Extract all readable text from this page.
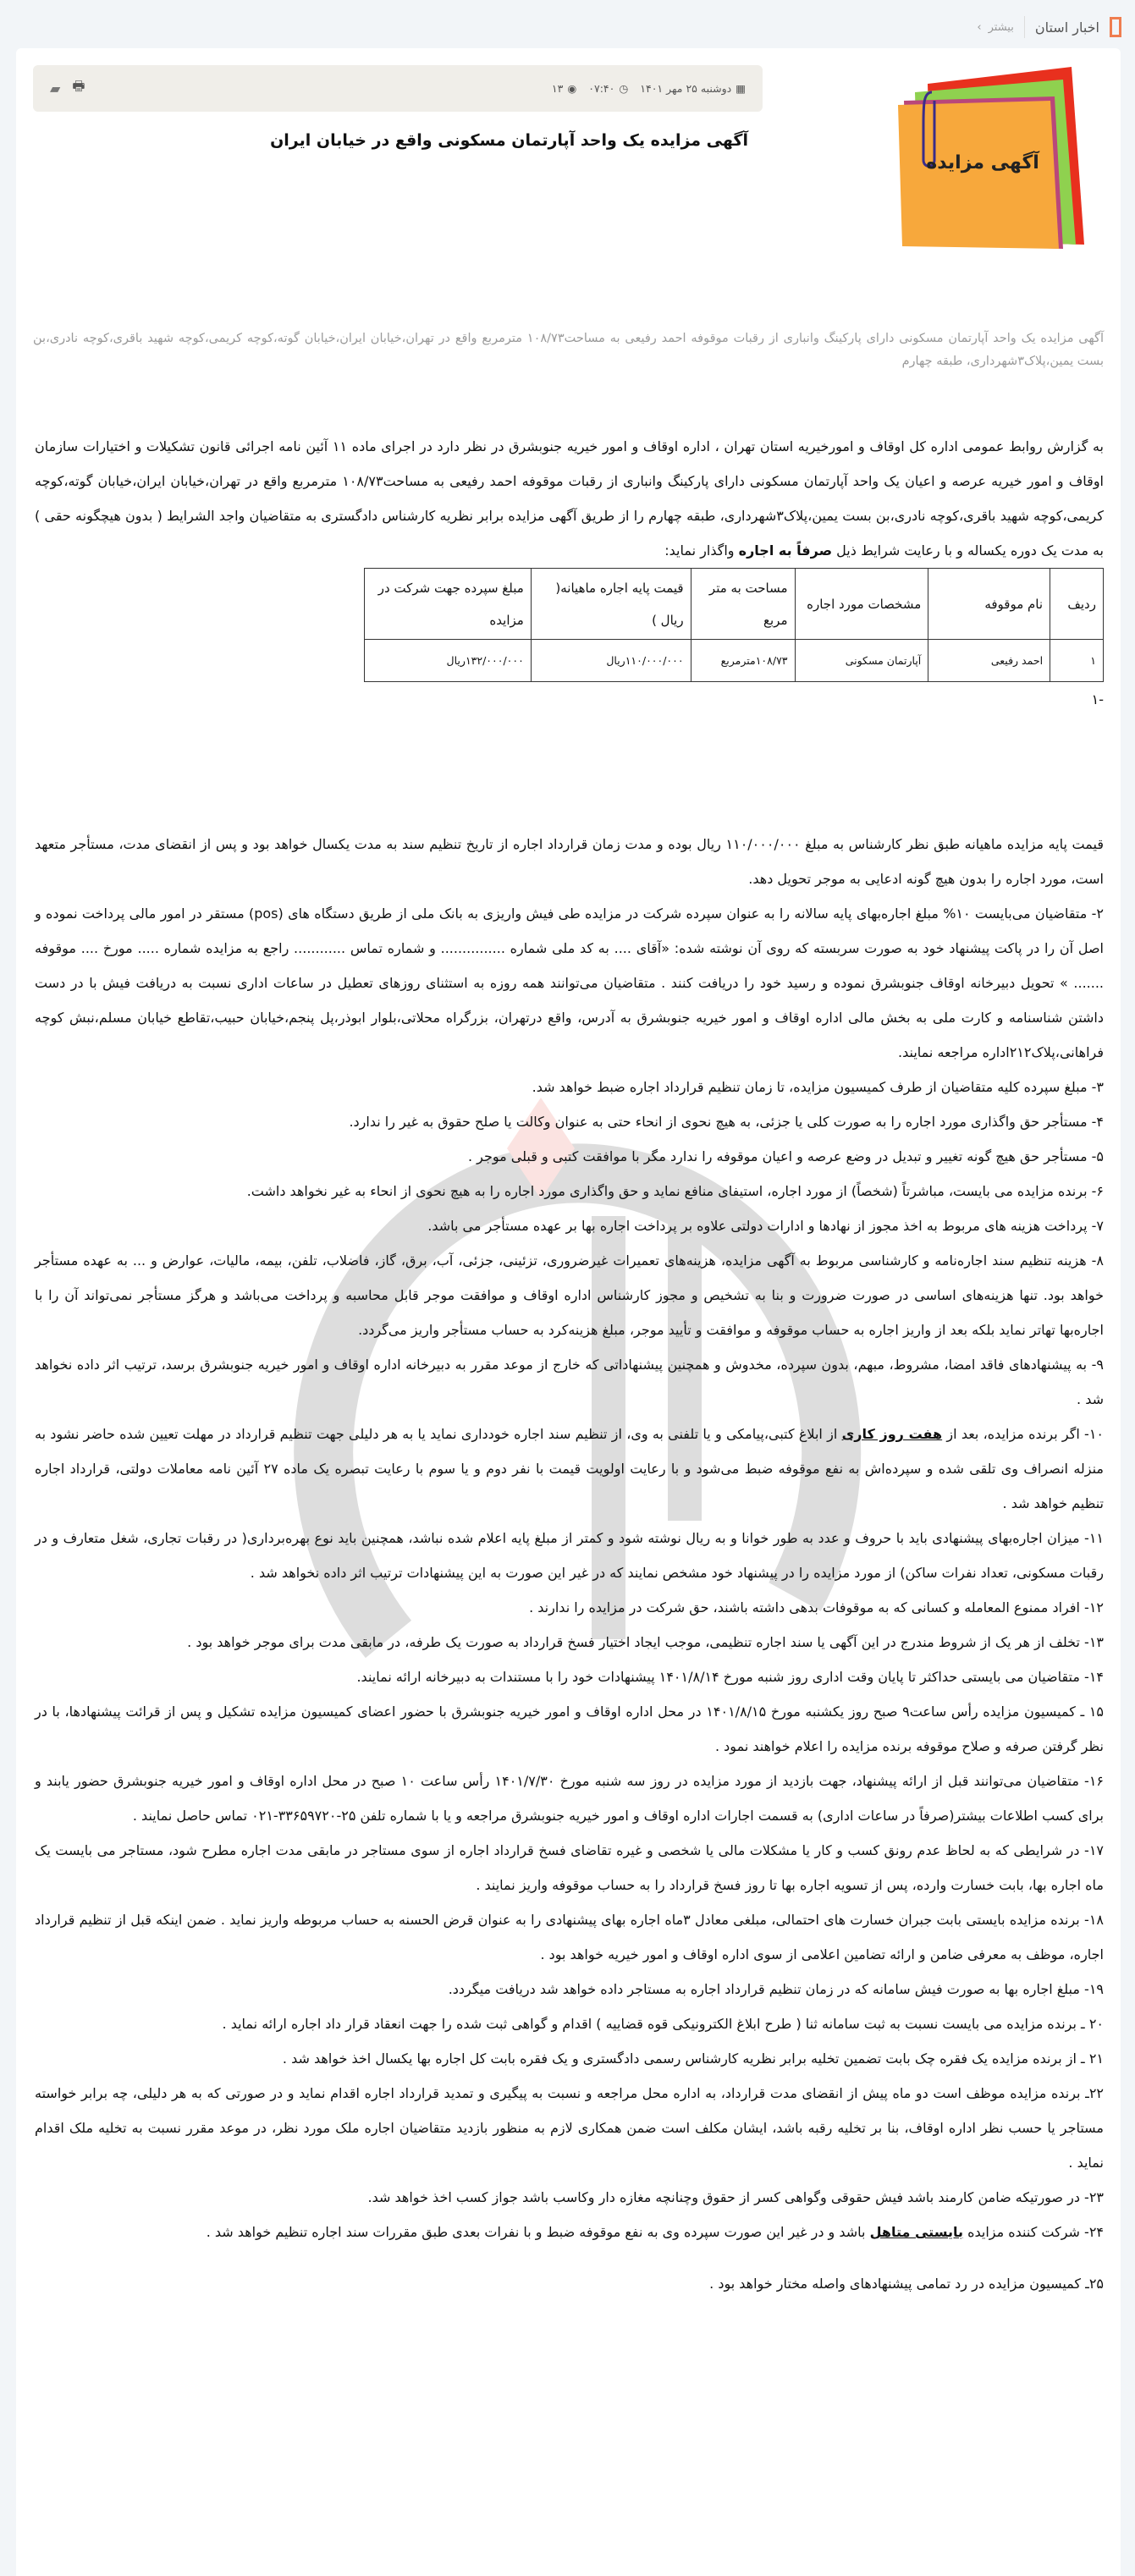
اخبار استان
بیشتر
›
آگهی مزایده
▦
دوشنبه ۲۵ مهر ۱۴۰۱
◷
۰۷:۴۰
◉
۱۳
🖶
▰
آگهی مزایده یک واحد آپارتمان مسکونی واقع در خیابان ایران

آگهی مزایده یک واحد آپارتمان مسکونی دارای پارکینگ وانباری از رقبات موقوفه احمد رفیعی به مساحت۱۰۸/۷۳ مترمربع واقع در تهران،خیابان ایران،خیابان گوته،کوچه کریمی،کوچه شهید باقری،کوچه نادری،بن بست یمین،پلاک۳شهرداری، طبقه چهارم

به گزارش روابط عمومی اداره کل اوقاف و امورخیریه استان تهران ، اداره اوقاف و امور خیریه جنوبشرق در نظر دارد در اجرای ماده ۱۱ آئین نامه اجرائی قانون تشکیلات و اختیارات سازمان اوقاف و امور خیریه عرصه و اعیان یک واحد آپارتمان مسکونی دارای پارکینگ وانباری از رقبات موقوفه احمد رفیعی به مساحت۱۰۸/۷۳ مترمربع واقع در تهران،خیابان ایران،خیابان گوته،کوچه کریمی،کوچه شهید باقری،کوچه نادری،بن بست یمین،پلاک۳شهرداری، طبقه چهارم را از طریق آگهی مزایده برابر نظریه کارشناس دادگستری به متقاضیان واجد الشرایط ( بدون هیچگونه حقی ) به مدت یک دوره یکساله و با رعایت شرایط ذیل صرفاً به اجاره واگذار نماید:

ردیف	نام موقوفه	مشخصات مورد اجاره	مساحت به متر مربع	قیمت پایه اجاره ماهیانه( ریال )	مبلغ سپرده جهت شرکت در مزایده
۱	احمد رفیعی	آپارتمان مسکونی	۱۰۸/۷۳مترمربع	۱۱۰/۰۰۰/۰۰۰ریال	۱۳۲/۰۰۰/۰۰۰ریال

-۱

قیمت پایه مزایده ماهیانه طبق نظر کارشناس به مبلغ ۱۱۰/۰۰۰/۰۰۰ ریال بوده و مدت زمان قرارداد اجاره از تاریخ تنظیم سند به مدت یکسال خواهد بود و پس از انقضای مدت، مستأجر متعهد است، مورد اجاره را بدون هیچ گونه ادعایی به موجر تحویل دهد.

۲- متقاضیان می‌بایست ۱۰% مبلغ اجاره‌بهای پایه سالانه را به عنوان سپرده شرکت در مزایده طی فیش واریزی به بانک ملی از طریق دستگاه های (pos) مستقر در امور مالی پرداخت نموده و اصل آن را در پاکت پیشنهاد خود به صورت سربسته که روی آن نوشته شده: «آقای .... به کد ملی شماره ............... و شماره تماس ............ راجع به مزایده شماره ..... مورخ .... موقوفه ....... » تحویل دبیرخانه اوقاف جنوبشرق نموده و رسید خود را دریافت کنند . متقاضیان می‌توانند همه روزه به استثنای روزهای تعطیل در ساعات اداری نسبت به دریافت فیش با در دست داشتن شناسنامه و کارت ملی به بخش مالی اداره اوقاف و امور خیریه جنوبشرق به آدرس، واقع درتهران، بزرگراه محلاتی،بلوار ابوذر،پل پنجم،خیابان حبیب،تقاطع خیابان مسلم،نبش کوچه فراهانی،پلاک۲۱۲اداره مراجعه نمایند.

۳- مبلغ سپرده کلیه متقاضیان از طرف کمیسیون مزایده، تا زمان تنظیم قرارداد اجاره ضبط خواهد شد.

۴- مستأجر حق واگذاری مورد اجاره را به صورت کلی یا جزئی، به هیچ نحوی از انحاء حتی به عنوان وکالت یا صلح حقوق به غیر را ندارد.

۵- مستأجر حق هیچ گونه تغییر و تبدیل در وضع عرصه و اعیان موقوفه را ندارد مگر با موافقت کتبی و قبلی موجر .

۶- برنده مزایده می بایست، مباشرتاً (شخصاً) از مورد اجاره، استیفای منافع نماید و حق واگذاری مورد اجاره را به هیچ نحوی از انحاء به غیر نخواهد داشت.

۷- پرداخت هزینه های مربوط به اخذ مجوز از نهادها و ادارات دولتی علاوه بر پرداخت اجاره بها بر عهده مستأجر می باشد.

۸- هزینه تنظیم سند اجاره‌نامه و کارشناسی مربوط به آگهی مزایده، هزینه‌های تعمیرات غیرضروری، تزئینی، جزئی، آب، برق، گاز، فاضلاب، تلفن، بیمه، مالیات، عوارض و ... به عهده مستأجر خواهد بود. تنها هزینه‌های اساسی در صورت ضرورت و بنا به تشخیص و مجوز کارشناس اداره اوقاف و موافقت موجر قابل محاسبه و پرداخت می‌باشد و هرگز مستأجر نمی‌تواند آن را با اجاره‌بها تهاتر نماید بلکه بعد از واریز اجاره به حساب موقوفه و موافقت و تأیید موجر، مبلغ هزینه‌کرد به حساب مستأجر واریز می‌گردد.

۹- به پیشنهادهای فاقد امضا، مشروط، مبهم، بدون سپرده، مخدوش و همچنین پیشنهاداتی که خارج از موعد مقرر به دبیرخانه اداره اوقاف و امور خیریه جنوبشرق برسد، ترتیب اثر داده نخواهد شد .

۱۰- اگر برنده مزایده، بعد از هفت روز کاری از ابلاغ کتبی،پیامکی و یا تلفنی به وی، از تنظیم سند اجاره خودداری نماید یا به هر دلیلی جهت تنظیم قرارداد در مهلت تعیین شده حاضر نشود به منزله انصراف وی تلقی شده و سپرده‌اش به نفع موقوفه ضبط می‌شود و با رعایت اولویت قیمت با نفر دوم و یا سوم با رعایت تبصره یک ماده ۲۷ آئین نامه معاملات دولتی، قرارداد اجاره تنظیم خواهد شد .

۱۱- میزان اجاره‌بهای پیشنهادی باید با حروف و عدد به طور خوانا و به ریال نوشته شود و کمتر از مبلغ پایه اعلام شده نباشد، همچنین باید نوع بهره‌برداری( در رقبات تجاری، شغل متعارف و در رقبات مسکونی، تعداد نفرات ساکن) از مورد مزایده را در پیشنهاد خود مشخص نمایند که در غیر این صورت به این پیشنهادات ترتیب اثر داده نخواهد شد .

۱۲- افراد ممنوع المعامله و کسانی که به موقوفات بدهی داشته باشند، حق شرکت در مزایده را ندارند .

۱۳- تخلف از هر یک از شروط مندرج در این آگهی یا سند اجاره تنظیمی، موجب ایجاد اختیار فسخ قرارداد به صورت یک طرفه، در مابقی مدت برای موجر خواهد بود .

۱۴- متقاضیان می بایستی حداکثر تا پایان وقت اداری روز شنبه مورخ ۱۴۰۱/۸/۱۴ پیشنهادات خود را با مستندات به دبیرخانه ارائه نمایند.

۱۵ ـ کمیسیون مزایده رأس ساعت۹ صبح روز یکشنبه مورخ ۱۴۰۱/۸/۱۵ در محل اداره اوقاف و امور خیریه جنوبشرق با حضور اعضای کمیسیون مزایده تشکیل و پس از قرائت پیشنهادها، با در نظر گرفتن صرفه و صلاح موقوفه برنده مزایده را اعلام خواهند نمود .

۱۶- متقاضیان می‌توانند قبل از ارائه پیشنهاد، جهت بازدید از مورد مزایده در روز سه شنبه مورخ ۱۴۰۱/۷/۳۰ رأس ساعت ۱۰ صبح در محل اداره اوقاف و امور خیریه جنوبشرق حضور یابند و برای کسب اطلاعات بیشتر(صرفاً در ساعات اداری) به قسمت اجارات اداره اوقاف و امور خیریه جنوبشرق مراجعه و یا با شماره تلفن ۲۵-۳۳۶۵۹۷۲۰-۰۲۱ تماس حاصل نمایند .

۱۷- در شرایطی که به لحاظ عدم رونق کسب و کار یا مشکلات مالی یا شخصی و غیره تقاضای فسخ قرارداد اجاره از سوی مستاجر در مابقی مدت اجاره مطرح شود، مستاجر می بایست یک ماه اجاره بها، بابت خسارت وارده، پس از تسویه اجاره بها تا روز فسخ قرارداد را به حساب موقوفه واریز نمایند .

۱۸- برنده مزایده بایستی بابت جبران خسارت های احتمالی، مبلغی معادل ۳ماه اجاره بهای پیشنهادی را به عنوان قرض الحسنه به حساب مربوطه واریز نماید . ضمن اینکه قبل از تنظیم قرارداد اجاره، موظف به معرفی ضامن و ارائه تضامین اعلامی از سوی اداره اوقاف و امور خیریه خواهد بود .

۱۹- مبلغ اجاره بها به صورت فیش سامانه که در زمان تنظیم قرارداد اجاره به مستاجر داده خواهد شد دریافت میگردد.

۲۰ ـ برنده مزایده می بایست نسبت به ثبت سامانه ثنا ( طرح ابلاغ الکترونیکی قوه قضاییه ) اقدام و گواهی ثبت شده را جهت انعقاد قرار داد اجاره ارائه نماید .

۲۱ ـ از برنده مزایده یک فقره چک بابت تضمین تخلیه برابر نظریه کارشناس رسمی دادگستری و یک فقره بابت کل اجاره بها یکسال اخذ خواهد شد .

۲۲ـ برنده مزایده موظف است دو ماه پیش از انقضای مدت قرارداد، به اداره محل مراجعه و نسبت به پیگیری و تمدید قرارداد اجاره اقدام نماید و در صورتی که به هر دلیلی، چه برابر خواسته مستاجر یا حسب نظر اداره اوقاف، بنا بر تخلیه رقبه باشد، ایشان مکلف است ضمن همکاری لازم به منظور بازدید متقاضیان اجاره ملک مورد نظر، در موعد مقرر نسبت به تخلیه ملک اقدام نماید .

۲۳- در صورتیکه ضامن کارمند باشد فیش حقوقی وگواهی کسر از حقوق وچنانچه مغازه دار وکاسب باشد جواز کسب اخذ خواهد شد.

۲۴- شرکت کننده مزایده بایستی متاهل باشد و در غیر این صورت سپرده وی به نفع موقوفه ضبط و با نفرات بعدی طبق مقررات سند اجاره تنظیم خواهد شد .

۲۵ـ کمیسیون مزایده در رد تمامی پیشنهادهای واصله مختار خواهد بود .
